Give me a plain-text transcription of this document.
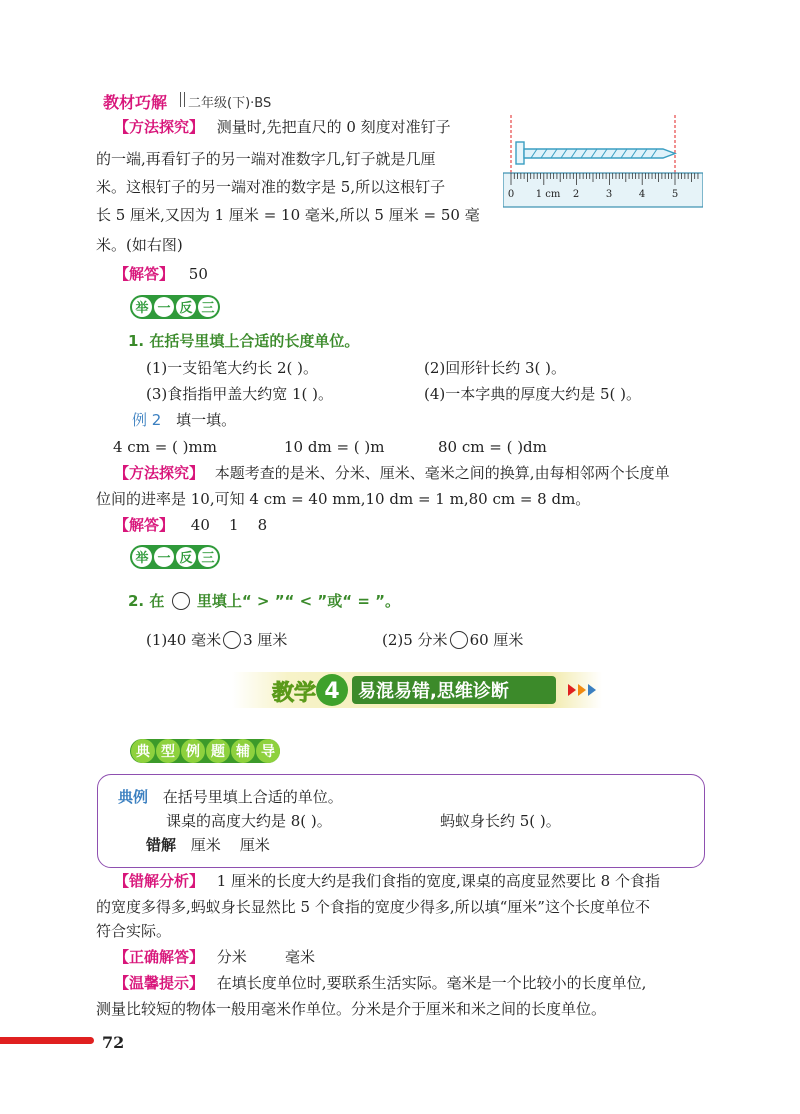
教材巧解 二年级(下)·BS
【方法探究】 测量时,先把直尺的 0 刻度对准钉子
的一端,再看钉子的另一端对准数字几,钉子就是几厘
米。这根钉子的另一端对准的数字是 5,所以这根钉子
长 5 厘米,又因为 1 厘米 = 10 毫米,所以 5 厘米 = 50 毫
米。(如右图)
0 1 cm 2	3	4	5
【解答】 50
举 一 反 三
1. 在括号里填上合适的长度单位。
(1)一支铅笔大约长 2( )。	(2)回形针长约 3( )。
(3)食指指甲盖大约宽 1( )。	(4)一本字典的厚度大约是 5( )。
例 2 填一填。
4 cm = ( )mm	10 dm = ( )m	80 cm = ( )dm
【方法探究】 本题考查的是米、分米、厘米、毫米之间的换算,由每相邻两个长度单
位间的进率是 10,可知 4 cm = 40 mm,10 dm = 1 m,80 cm = 8 dm。
【解答】 40    1    8
举 一 反 三
2. 在 里填上“ > ”“ < ”或“ = ”。
(1)40 毫米 3 厘米	(2)5 分米 60 厘米
教学 4 易混易错,思维诊断
典 型 例 题 辅 导
典例 在括号里填上合适的单位。
课桌的高度大约是 8( )。	蚂蚁身长约 5( )。
错解 厘米    厘米
【错解分析】 1 厘米的长度大约是我们食指的宽度,课桌的高度显然要比 8 个食指
的宽度多得多,蚂蚁身长显然比 5 个食指的宽度少得多,所以填“厘米”这个长度单位不
符合实际。
【正确解答】 分米        毫米
【温馨提示】 在填长度单位时,要联系生活实际。毫米是一个比较小的长度单位,
测量比较短的物体一般用毫米作单位。分米是介于厘米和米之间的长度单位。
72
